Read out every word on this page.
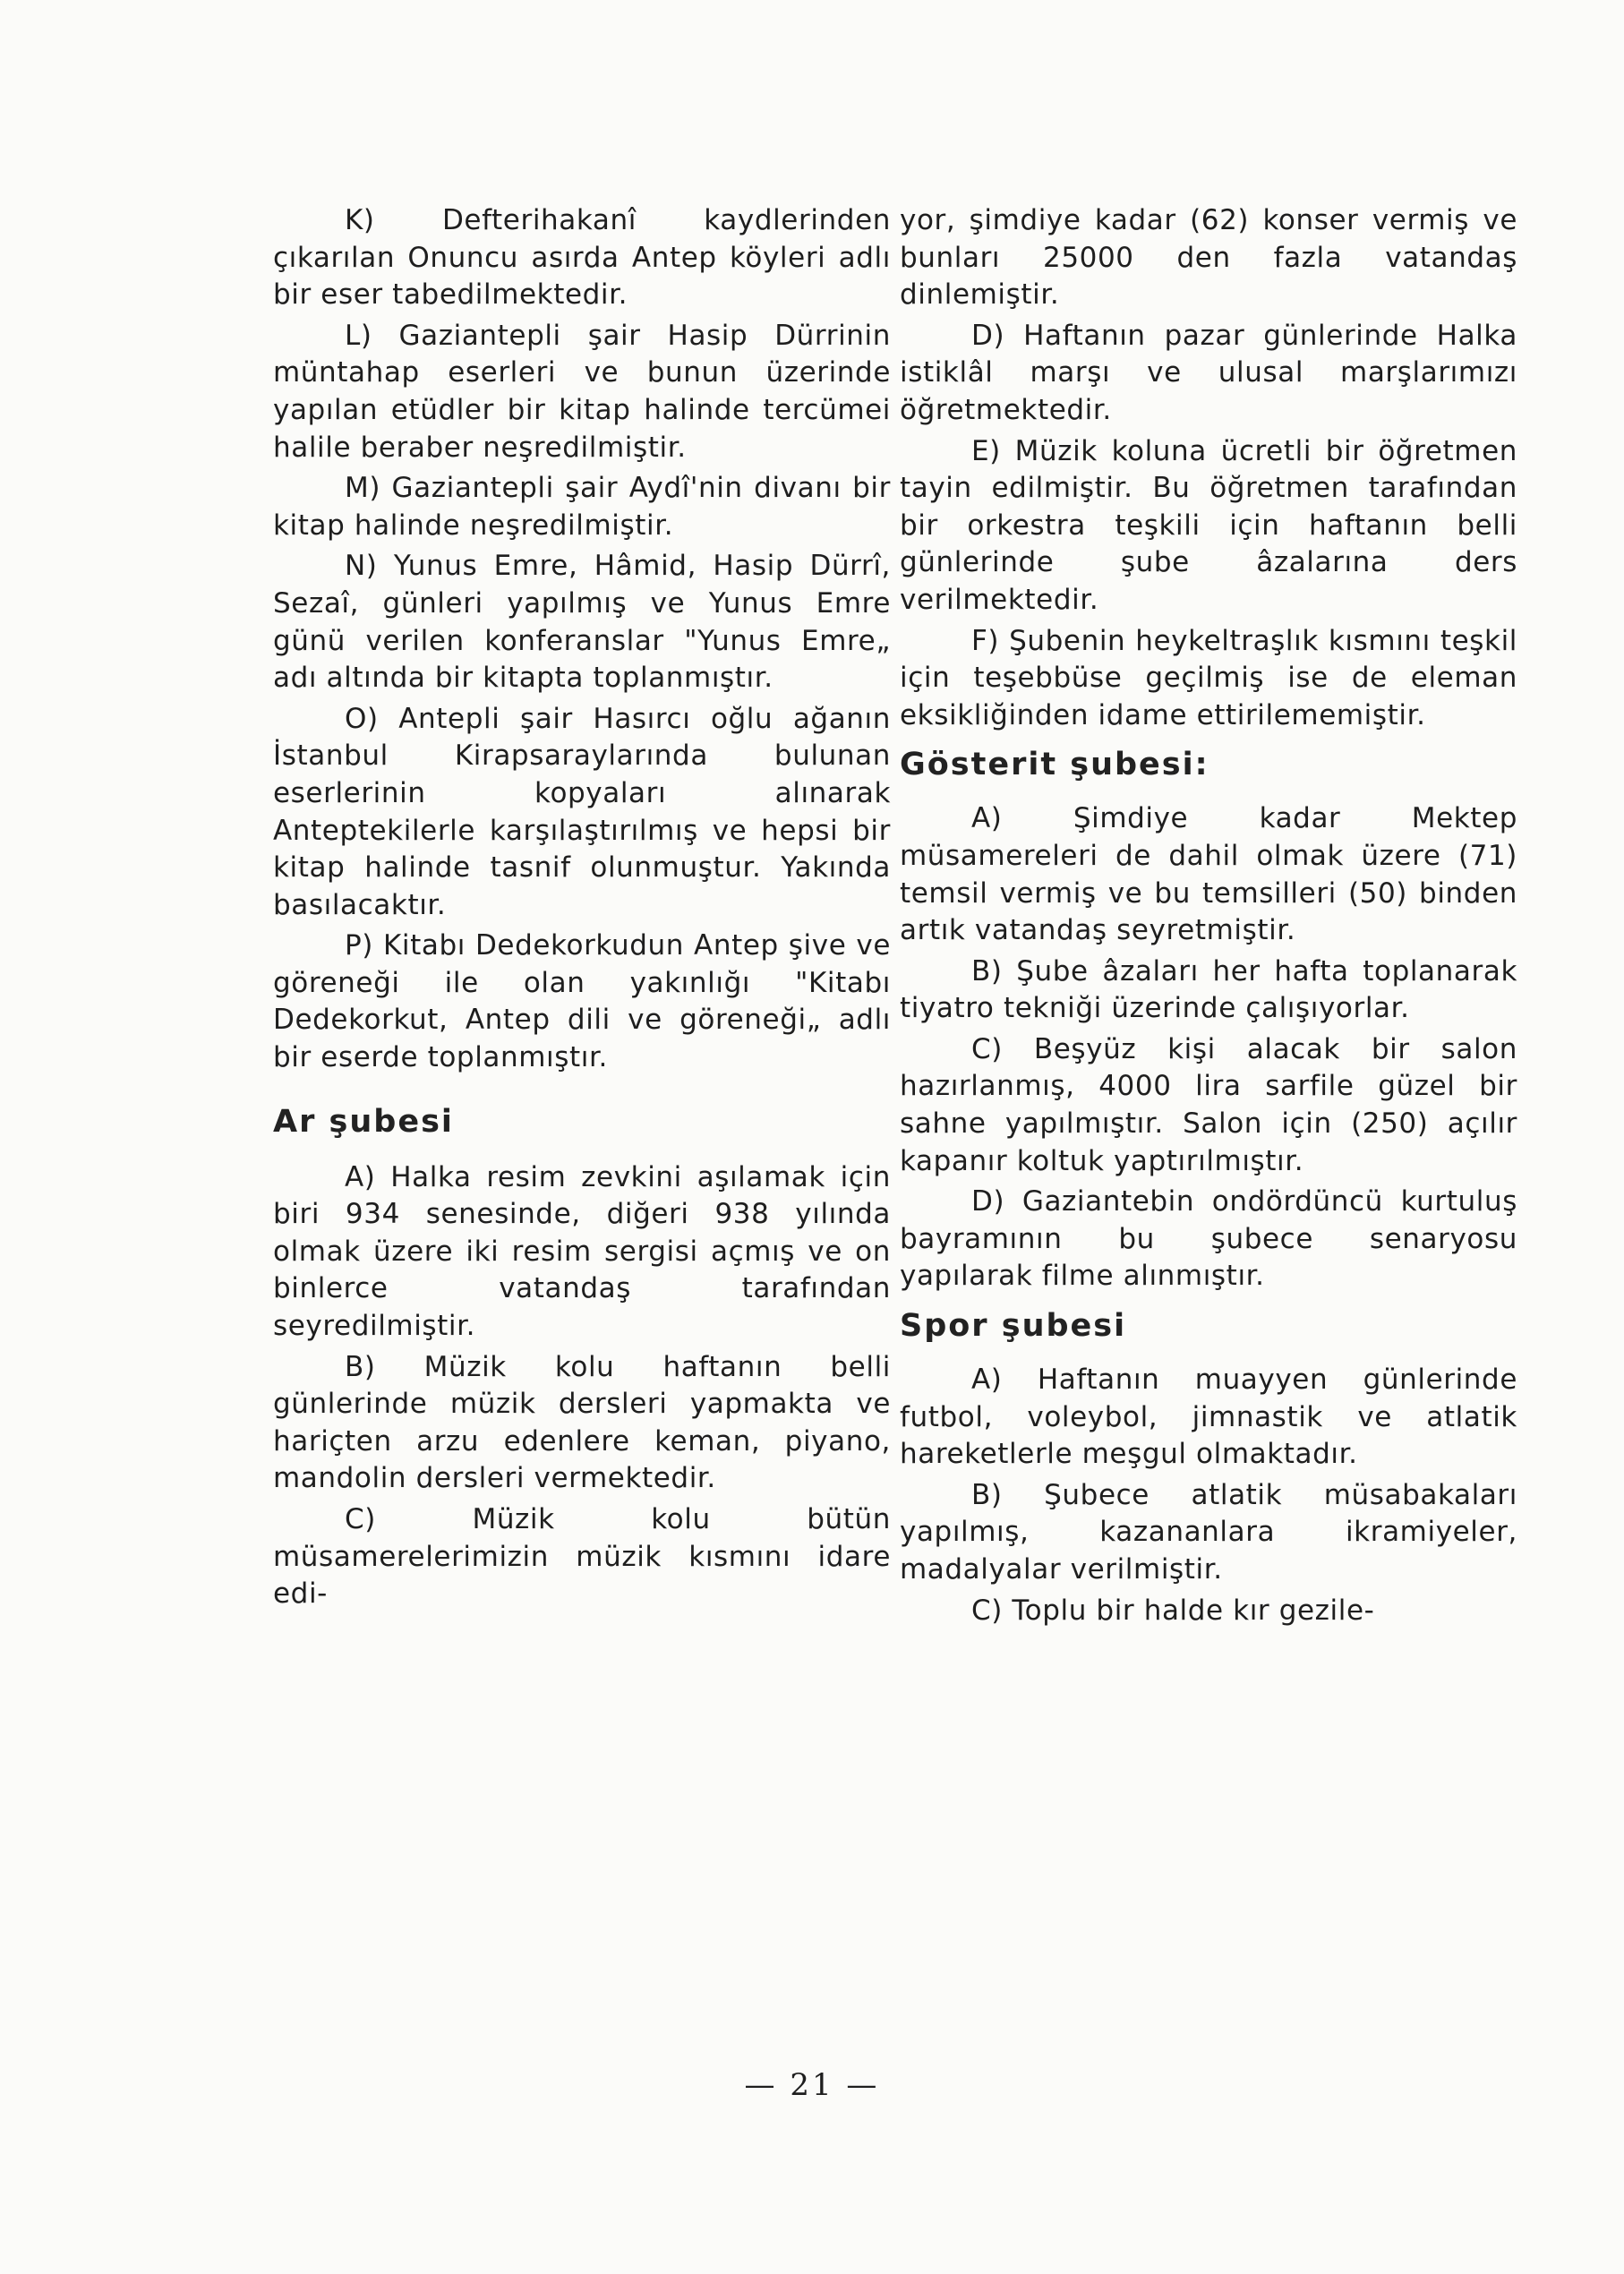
K) Defterihakanî kaydlerinden çıkarılan Onuncu asırda Antep köyleri adlı bir eser tabedilmektedir.

L) Gaziantepli şair Hasip Dürrinin müntahap eserleri ve bunun üzerinde yapılan etüdler bir kitap halinde tercümei halile beraber neşredilmiştir.

M) Gaziantepli şair Aydî'nin divanı bir kitap halinde neşredilmiştir.

N) Yunus Emre, Hâmid, Hasip Dürrî, Sezaî, günleri yapılmış ve Yunus Emre günü verilen konferanslar "Yunus Emre„ adı altında bir kitapta toplanmıştır.

O) Antepli şair Hasırcı oğlu ağanın İstanbul Kirapsaraylarında bulunan eserlerinin kopyaları alınarak Anteptekilerle karşılaştırılmış ve hepsi bir kitap halinde tasnif olunmuştur. Yakında basılacaktır.

P) Kitabı Dedekorkudun Antep şive ve göreneği ile olan yakınlığı "Kitabı Dedekorkut, Antep dili ve göreneği„ adlı bir eserde toplanmıştır.

Ar şubesi

A) Halka resim zevkini aşılamak için biri 934 senesinde, diğeri 938 yılında olmak üzere iki resim sergisi açmış ve on binlerce vatandaş tarafından seyredilmiştir.

B) Müzik kolu haftanın belli günlerinde müzik dersleri yapmakta ve hariçten arzu edenlere keman, piyano, mandolin dersleri vermektedir.

C) Müzik kolu bütün müsamerelerimizin müzik kısmını idare edi-

yor, şimdiye kadar (62) konser vermiş ve bunları 25000 den fazla vatandaş dinlemiştir.

D) Haftanın pazar günlerinde Halka istiklâl marşı ve ulusal marşlarımızı öğretmektedir.

E) Müzik koluna ücretli bir öğretmen tayin edilmiştir. Bu öğretmen tarafından bir orkestra teşkili için haftanın belli günlerinde şube âzalarına ders verilmektedir.

F) Şubenin heykeltraşlık kısmını teşkil için teşebbüse geçilmiş ise de eleman eksikliğinden idame ettirilememiştir.

Gösterit şubesi:

A) Şimdiye kadar Mektep müsamereleri de dahil olmak üzere (71) temsil vermiş ve bu temsilleri (50) binden artık vatandaş seyretmiştir.

B) Şube âzaları her hafta toplanarak tiyatro tekniği üzerinde çalışıyorlar.

C) Beşyüz kişi alacak bir salon hazırlanmış, 4000 lira sarfile güzel bir sahne yapılmıştır. Salon için (250) açılır kapanır koltuk yaptırılmıştır.

D) Gaziantebin ondördüncü kurtuluş bayramının bu şubece senaryosu yapılarak filme alınmıştır.

Spor şubesi

A) Haftanın muayyen günlerinde futbol, voleybol, jimnastik ve atlatik hareketlerle meşgul olmaktadır.

B) Şubece atlatik müsabakaları yapılmış, kazananlara ikramiyeler, madalyalar verilmiştir.

C) Toplu bir halde kır gezile-

— 21 —
